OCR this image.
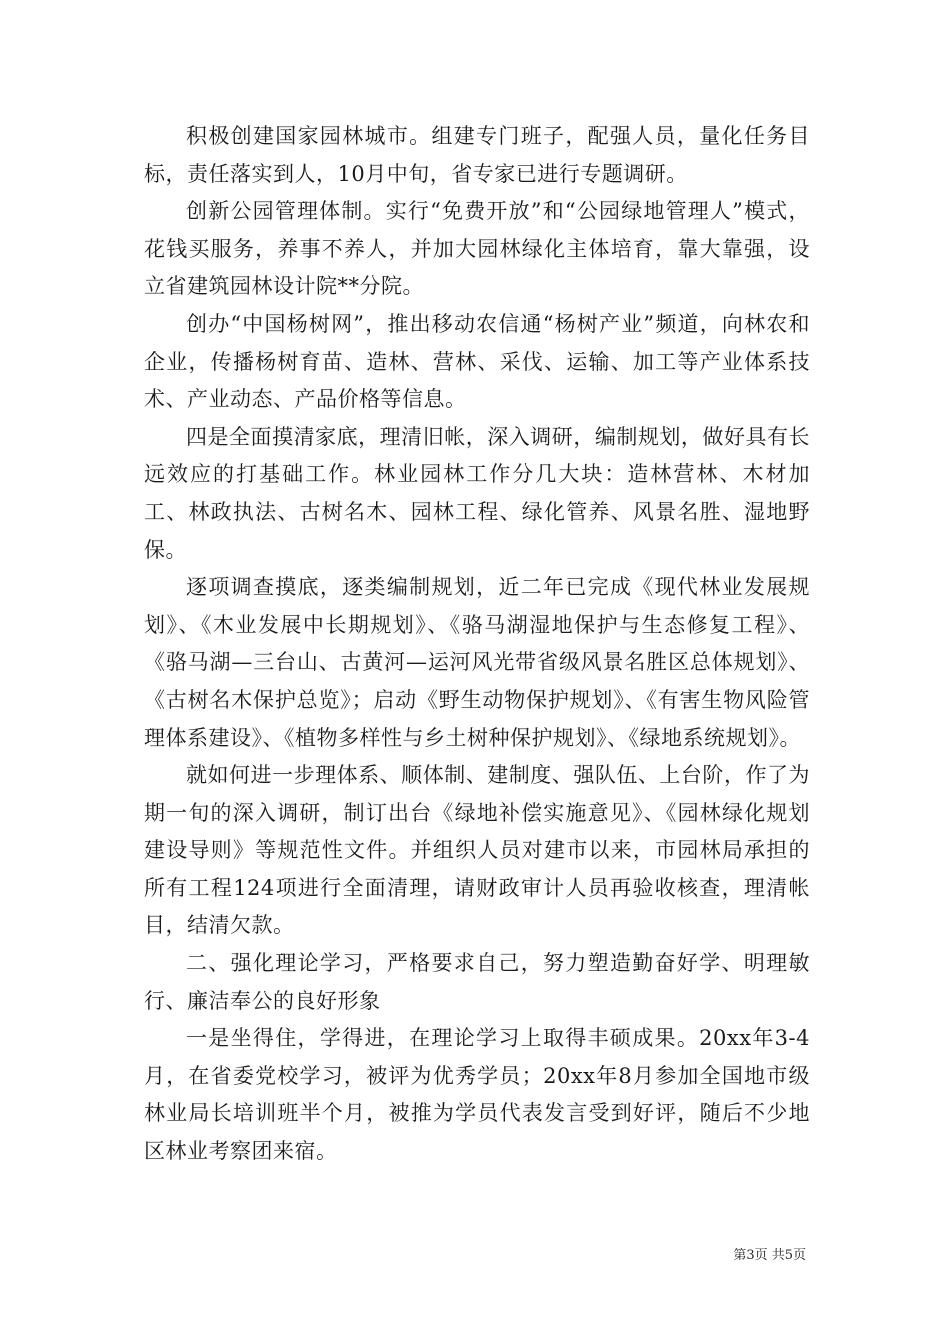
积极创建国家园林城市。组建专门班子，配强人员，量化任务目标，责任落实到人，10月中旬，省专家已进行专题调研。

创新公园管理体制。实行“免费开放”和“公园绿地管理人”模式，花钱买服务，养事不养人，并加大园林绿化主体培育，靠大靠强，设立省建筑园林设计院**分院。

创办“中国杨树网”，推出移动农信通“杨树产业”频道，向林农和企业，传播杨树育苗、造林、营林、采伐、运输、加工等产业体系技术、产业动态、产品价格等信息。

四是全面摸清家底，理清旧帐，深入调研，编制规划，做好具有长远效应的打基础工作。林业园林工作分几大块：造林营林、木材加工、林政执法、古树名木、园林工程、绿化管养、风景名胜、湿地野保。

逐项调查摸底，逐类编制规划，近二年已完成《现代林业发展规划》、《木业发展中长期规划》、《骆马湖湿地保护与生态修复工程》、《骆马湖—三台山、古黄河—运河风光带省级风景名胜区总体规划》、《古树名木保护总览》；启动《野生动物保护规划》、《有害生物风险管理体系建设》、《植物多样性与乡土树种保护规划》、《绿地系统规划》。

就如何进一步理体系、顺体制、建制度、强队伍、上台阶，作了为期一旬的深入调研，制订出台《绿地补偿实施意见》、《园林绿化规划建设导则》等规范性文件。并组织人员对建市以来，市园林局承担的所有工程124项进行全面清理，请财政审计人员再验收核查，理清帐目，结清欠款。

二、强化理论学习，严格要求自己，努力塑造勤奋好学、明理敏行、廉洁奉公的良好形象

一是坐得住，学得进，在理论学习上取得丰硕成果。20xx年3-4月，在省委党校学习，被评为优秀学员；20xx年8月参加全国地市级林业局长培训班半个月，被推为学员代表发言受到好评，随后不少地区林业考察团来宿。

第3页 共5页
